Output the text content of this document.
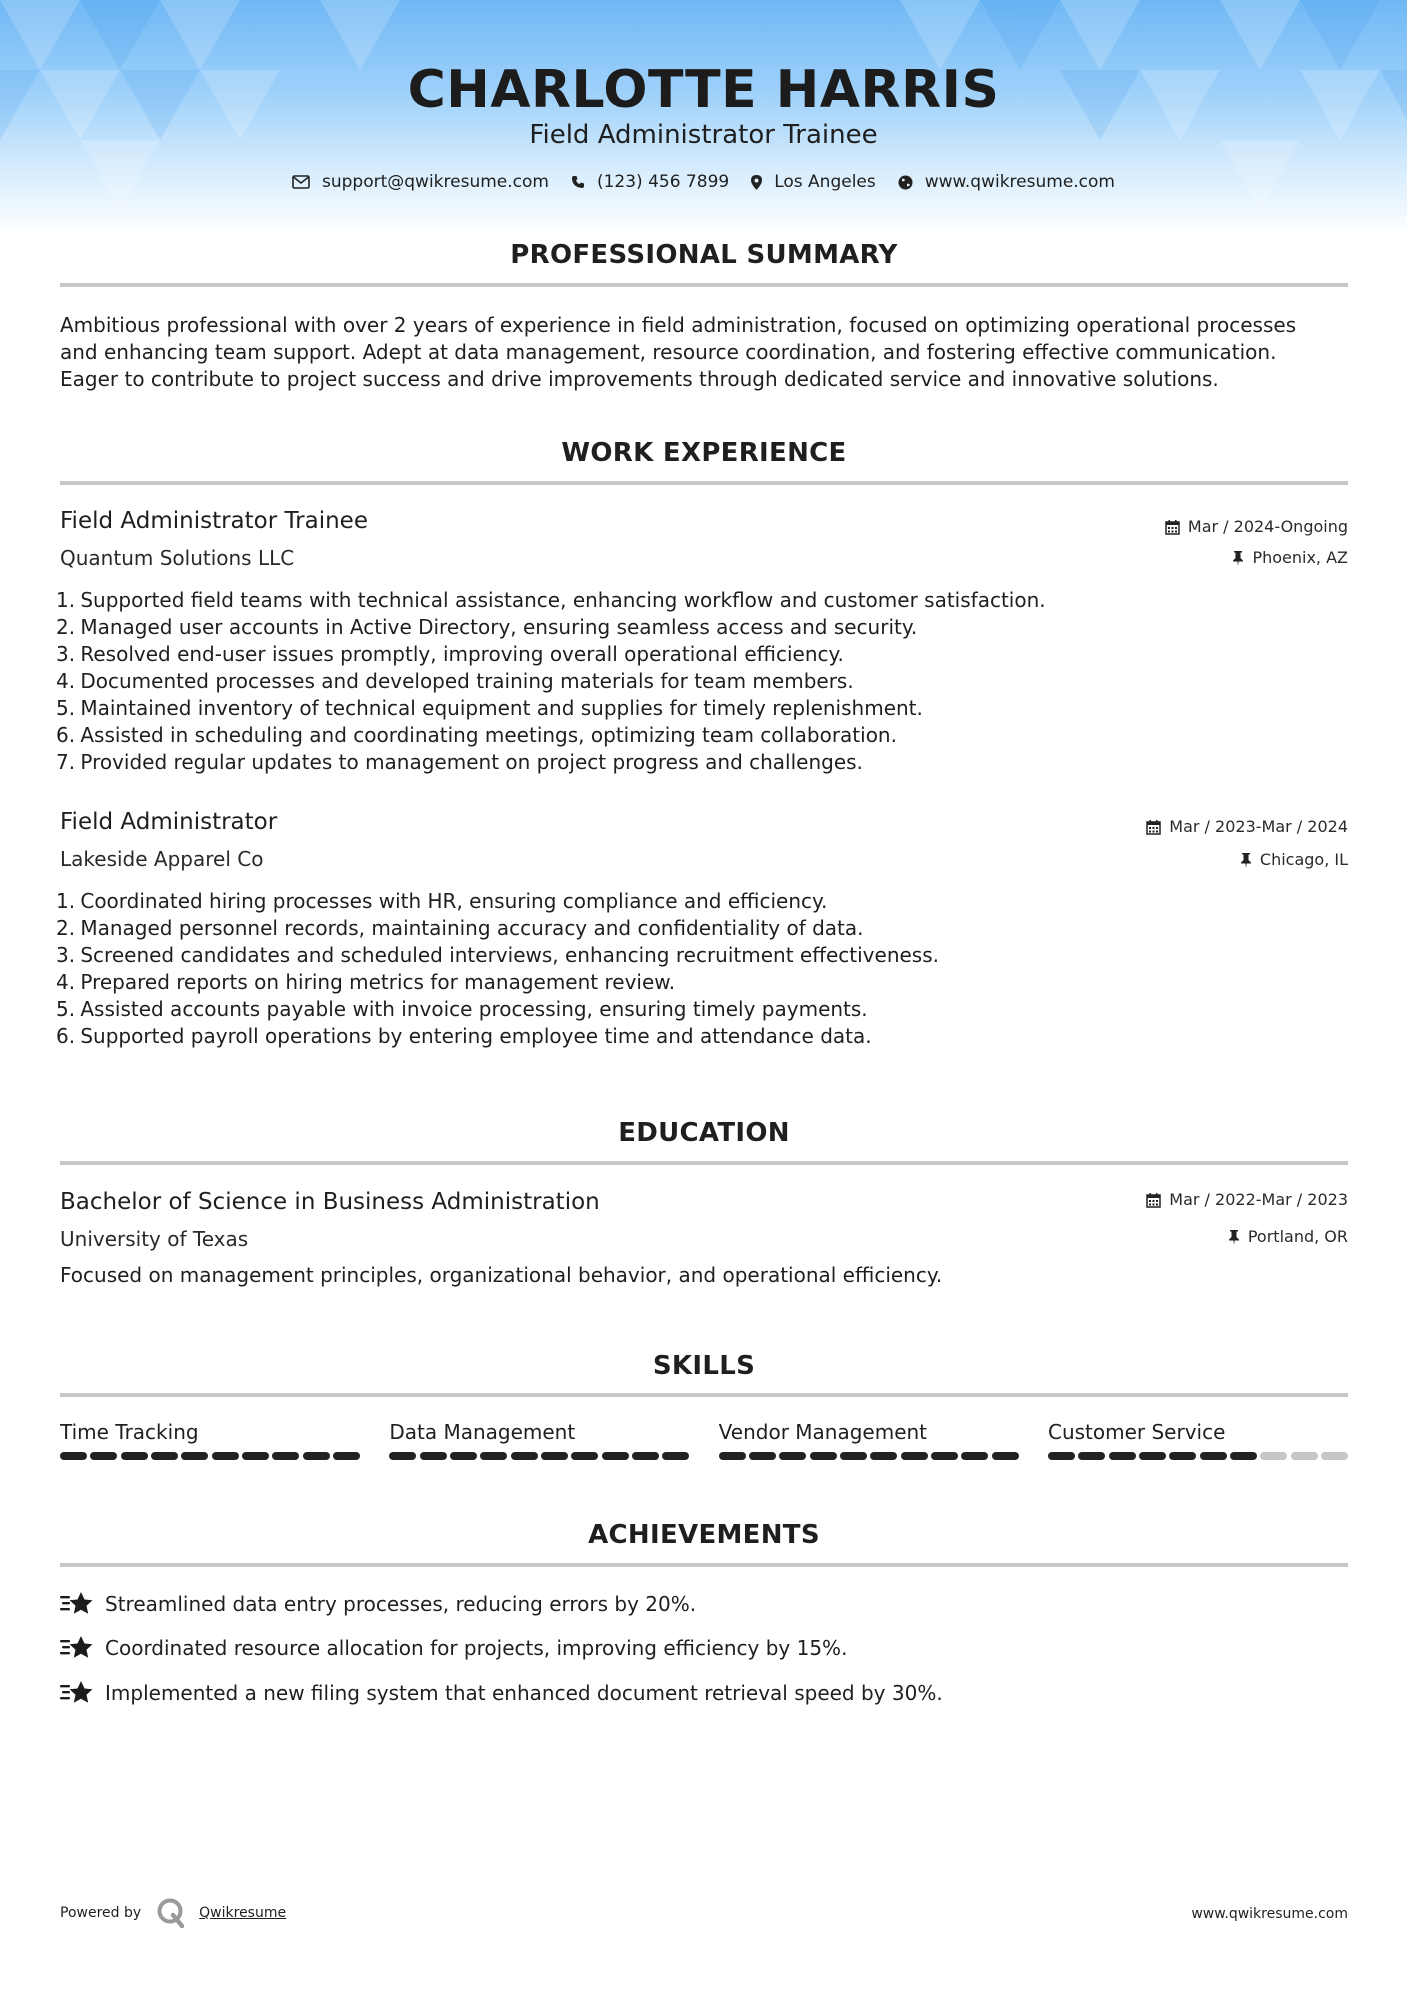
CHARLOTTE HARRIS
Field Administrator Trainee
support@qwikresume.com	(123) 456 7899	Los Angeles	www.qwikresume.com
PROFESSIONAL SUMMARY
Ambitious professional with over 2 years of experience in field administration, focused on optimizing operational processes
and enhancing team support. Adept at data management, resource coordination, and fostering effective communication.
Eager to contribute to project success and drive improvements through dedicated service and innovative solutions.
WORK EXPERIENCE
Field Administrator Trainee	Mar / 2024-Ongoing
Quantum Solutions LLC	Phoenix, AZ
1.
Supported field teams with technical assistance, enhancing workflow and customer satisfaction.
2.
Managed user accounts in Active Directory, ensuring seamless access and security.
3.
Resolved end-user issues promptly, improving overall operational efficiency.
4.
Documented processes and developed training materials for team members.
5.
Maintained inventory of technical equipment and supplies for timely replenishment.
6.
Assisted in scheduling and coordinating meetings, optimizing team collaboration.
7.
Provided regular updates to management on project progress and challenges.
Field Administrator	Mar / 2023-Mar / 2024
Lakeside Apparel Co	Chicago, IL
1.
Coordinated hiring processes with HR, ensuring compliance and efficiency.
2.
Managed personnel records, maintaining accuracy and confidentiality of data.
3.
Screened candidates and scheduled interviews, enhancing recruitment effectiveness.
4.
Prepared reports on hiring metrics for management review.
5.
Assisted accounts payable with invoice processing, ensuring timely payments.
6.
Supported payroll operations by entering employee time and attendance data.
EDUCATION
Bachelor of Science in Business Administration	Mar / 2022-Mar / 2023
University of Texas	Portland, OR
Focused on management principles, organizational behavior, and operational efficiency.
SKILLS
Time Tracking	Data Management	Vendor Management	Customer Service
ACHIEVEMENTS
Streamlined data entry processes, reducing errors by 20%.
Coordinated resource allocation for projects, improving efficiency by 15%.
Implemented a new filing system that enhanced document retrieval speed by 30%.
Powered by	Qwikresume	www.qwikresume.com
